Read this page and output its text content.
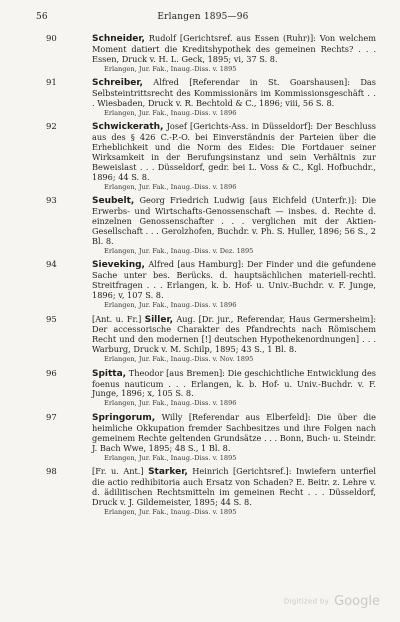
56	Erlangen 1895—96
90	Schneider, Rudolf [Gerichtsref. aus Essen (Ruhr)]: Von welchem Moment datiert die Kreditshypothek des gemeinen Rechts? . . . Essen, Druck v. H. L. Geck, 1895; vi, 37 S. 8.
Erlangen, Jur. Fak., Inaug.-Diss. v. 1895
91	Schreiber, Alfred [Referendar in St. Goarshausen]: Das Selbsteintrittsrecht des Kommissionärs im Kommissionsgeschäft . . . Wiesbaden, Druck v. R. Bechtold & C., 1896; viii, 56 S. 8.
Erlangen, Jur. Fak., Inaug.-Diss. v. 1896
92	Schwickerath, Josef [Gerichts-Ass. in Düsseldorf]: Der Beschluss aus des § 426 C.-P.-O. bei Einverständnis der Parteien über die Erheblichkeit und die Norm des Eides: Die Fortdauer seiner Wirksamkeit in der Berufungsinstanz und sein Verhältnis zur Beweislast . . . Düsseldorf, gedr. bei L. Voss & C., Kgl. Hofbuchdr., 1896; 44 S. 8.
Erlangen, Jur. Fak., Inaug.-Diss. v. 1896
93	Seubelt, Georg Friedrich Ludwig [aus Eichfeld (Unterfr.)]: Die Erwerbs- und Wirtschafts-Genossenschaft — insbes. d. Rechte d. einzelnen Genossenschafter . . . verglichen mit der Aktien-Gesellschaft . . . Gerolzhofen, Buchdr. v. Ph. S. Huller, 1896; 56 S., 2 Bl. 8.
Erlangen, Jur. Fak., Inaug.-Diss. v. Dez. 1895
94	Sieveking, Alfred [aus Hamburg]: Der Finder und die gefundene Sache unter bes. Berücks. d. hauptsächlichen materiell-rechtl. Streitfragen . . . Erlangen, k. b. Hof- u. Univ.-Buchdr. v. F. Junge, 1896; v, 107 S. 8.
Erlangen, Jur. Fak., Inaug.-Diss. v. 1896
95	[Ant. u. Fr.] Siller, Aug. [Dr. jur., Referendar, Haus Germersheim]: Der accessorische Charakter des Pfandrechts nach Römischem Recht und den modernen [!] deutschen Hypothekenordnungen] . . . Warburg, Druck v. M. Schilp, 1895; 43 S., 1 Bl. 8.
Erlangen, Jur. Fak., Inaug.-Diss. v. Nov. 1895
96	Spitta, Theodor [aus Bremen]: Die geschichtliche Entwicklung des foenus nauticum . . . Erlangen, k. b. Hof- u. Univ.-Buchdr. v. F. Junge, 1896; x, 105 S. 8.
Erlangen, Jur. Fak., Inaug.-Diss. v. 1896
97	Springorum, Willy [Referendar aus Elberfeld]: Die über die heimliche Okkupation fremder Sachbesitzes und ihre Folgen nach gemeinem Rechte geltenden Grundsätze . . . Bonn, Buch- u. Steindr. J. Bach Wwe, 1895; 48 S., 1 Bl. 8.
Erlangen, Jur. Fak., Inaug.-Diss. v. 1895
98	[Fr. u. Ant.] Starker, Heinrich [Gerichtsref.]: Inwiefern unterfiel die actio redhibitoria auch Ersatz von Schaden? E. Beitr. z. Lehre v. d. ädilitischen Rechtsmitteln im gemeinen Recht . . . Düsseldorf, Druck v. J. Gildemeister, 1895; 44 S. 8.
Erlangen, Jur. Fak., Inaug.-Diss. v. 1895
Digitized by Google
